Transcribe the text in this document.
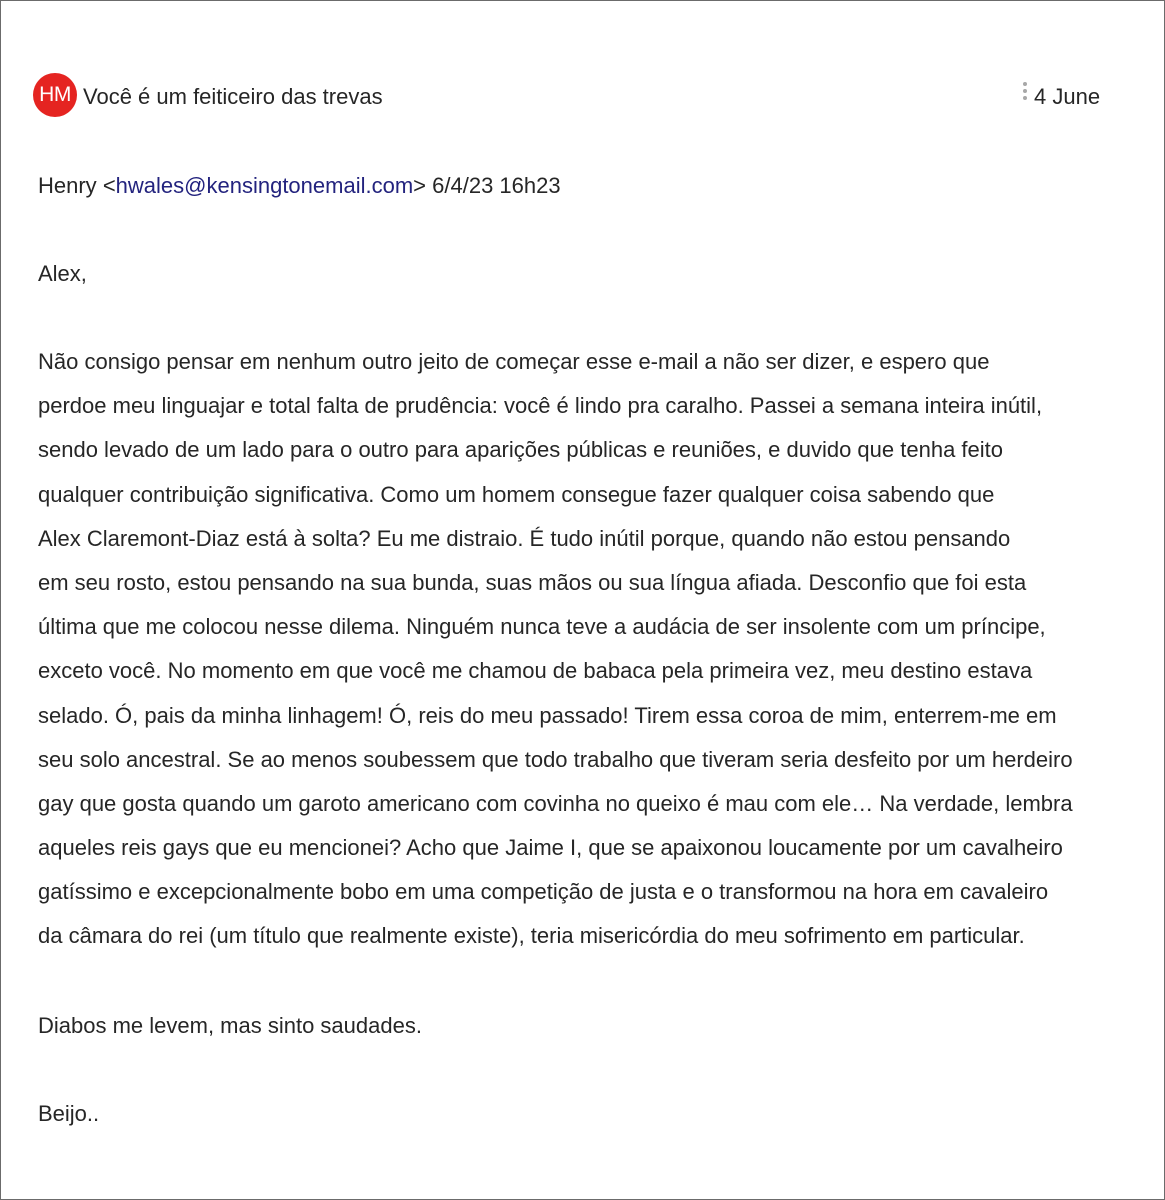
HM Você é um feiticeiro das trevas	4 June
Henry <hwales@kensingtonemail.com> 6/4/23 16h23
Alex,
Não consigo pensar em nenhum outro jeito de começar esse e-mail a não ser dizer, e espero que
perdoe meu linguajar e total falta de prudência: você é lindo pra caralho. Passei a semana inteira inútil,
sendo levado de um lado para o outro para aparições públicas e reuniões, e duvido que tenha feito
qualquer contribuição significativa. Como um homem consegue fazer qualquer coisa sabendo que
Alex Claremont-Diaz está à solta? Eu me distraio. É tudo inútil porque, quando não estou pensando
em seu rosto, estou pensando na sua bunda, suas mãos ou sua língua afiada. Desconfio que foi esta
última que me colocou nesse dilema. Ninguém nunca teve a audácia de ser insolente com um príncipe,
exceto você. No momento em que você me chamou de babaca pela primeira vez, meu destino estava
selado. Ó, pais da minha linhagem! Ó, reis do meu passado! Tirem essa coroa de mim, enterrem-me em
seu solo ancestral. Se ao menos soubessem que todo trabalho que tiveram seria desfeito por um herdeiro
gay que gosta quando um garoto americano com covinha no queixo é mau com ele… Na verdade, lembra
aqueles reis gays que eu mencionei? Acho que Jaime I, que se apaixonou loucamente por um cavalheiro
gatíssimo e excepcionalmente bobo em uma competição de justa e o transformou na hora em cavaleiro
da câmara do rei (um título que realmente existe), teria misericórdia do meu sofrimento em particular.
Diabos me levem, mas sinto saudades.
Beijo..
